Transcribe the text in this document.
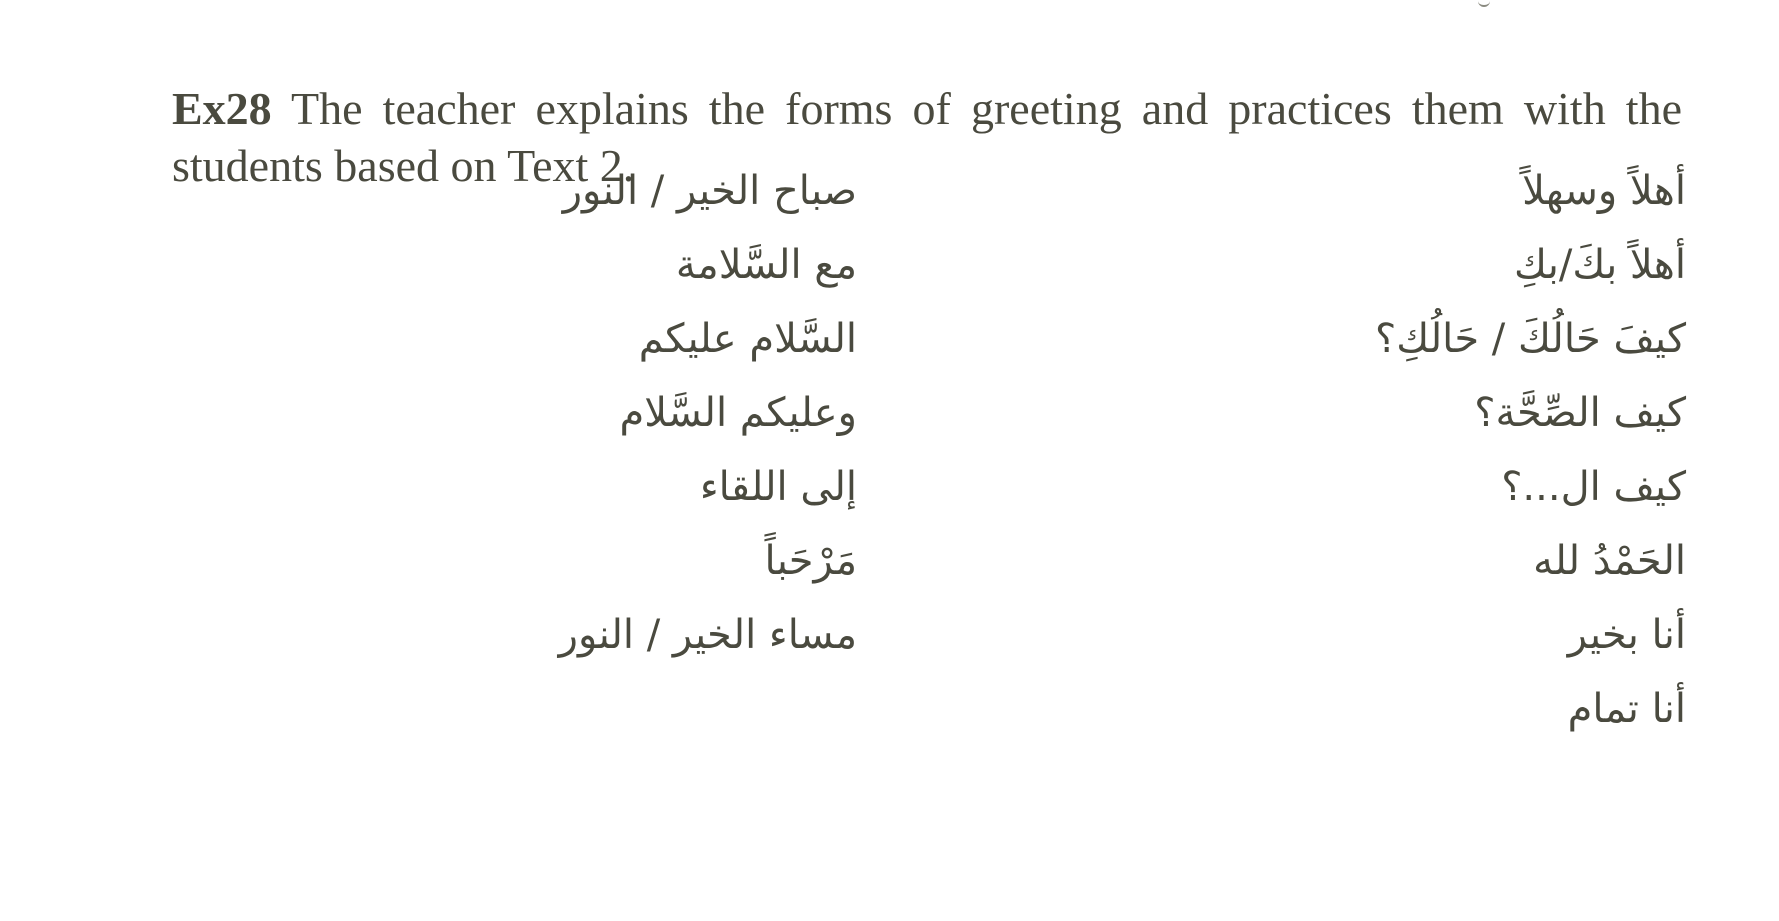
Ex28 The teacher explains the forms of greeting and practices them with the students based on Text 2.	أهلاً وسهلاً
أهلاً بكَ/بكِ
كيفَ حَالُكَ / حَالُكِ؟
كيف الصِّحَّة؟
كيف ال...؟
الحَمْدُ لله
أنا بخير
أنا تمام
صباح الخير / النور
مع السَّلامة
السَّلام عليكم
وعليكم السَّلام
إلى اللقاء
مَرْحَباً
مساء الخير / النور
